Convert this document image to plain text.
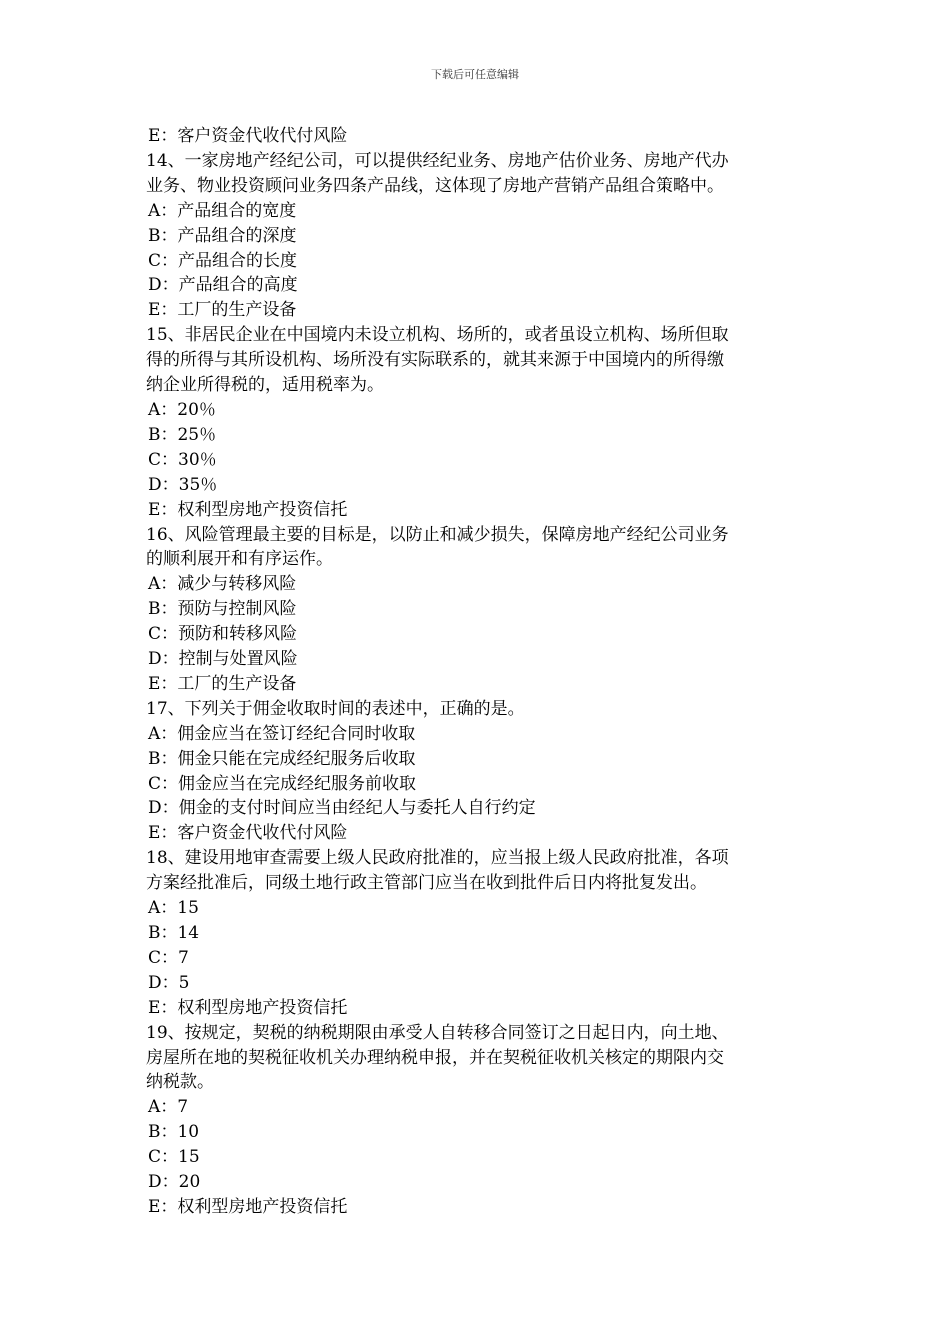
下载后可任意编辑
E：客户资金代收代付风险
14、一家房地产经纪公司，可以提供经纪业务、房地产估价业务、房地产代办
业务、物业投资顾问业务四条产品线，这体现了房地产营销产品组合策略中。
A：产品组合的宽度
B：产品组合的深度
C：产品组合的长度
D：产品组合的高度
E：工厂的生产设备
15、非居民企业在中国境内未设立机构、场所的，或者虽设立机构、场所但取
得的所得与其所设机构、场所没有实际联系的，就其来源于中国境内的所得缴
纳企业所得税的，适用税率为。
A：20％
B：25％
C：30％
D：35％
E：权利型房地产投资信托
16、风险管理最主要的目标是，以防止和减少损失，保障房地产经纪公司业务
的顺利展开和有序运作。
A：减少与转移风险
B：预防与控制风险
C：预防和转移风险
D：控制与处置风险
E：工厂的生产设备
17、下列关于佣金收取时间的表述中，正确的是。
A：佣金应当在签订经纪合同时收取
B：佣金只能在完成经纪服务后收取
C：佣金应当在完成经纪服务前收取
D：佣金的支付时间应当由经纪人与委托人自行约定
E：客户资金代收代付风险
18、建设用地审查需要上级人民政府批准的，应当报上级人民政府批准，各项
方案经批准后，同级土地行政主管部门应当在收到批件后日内将批复发出。
A：15
B：14
C：7
D：5
E：权利型房地产投资信托
19、按规定，契税的纳税期限由承受人自转移合同签订之日起日内，向土地、
房屋所在地的契税征收机关办理纳税申报，并在契税征收机关核定的期限内交
纳税款。
A：7
B：10
C：15
D：20
E：权利型房地产投资信托
